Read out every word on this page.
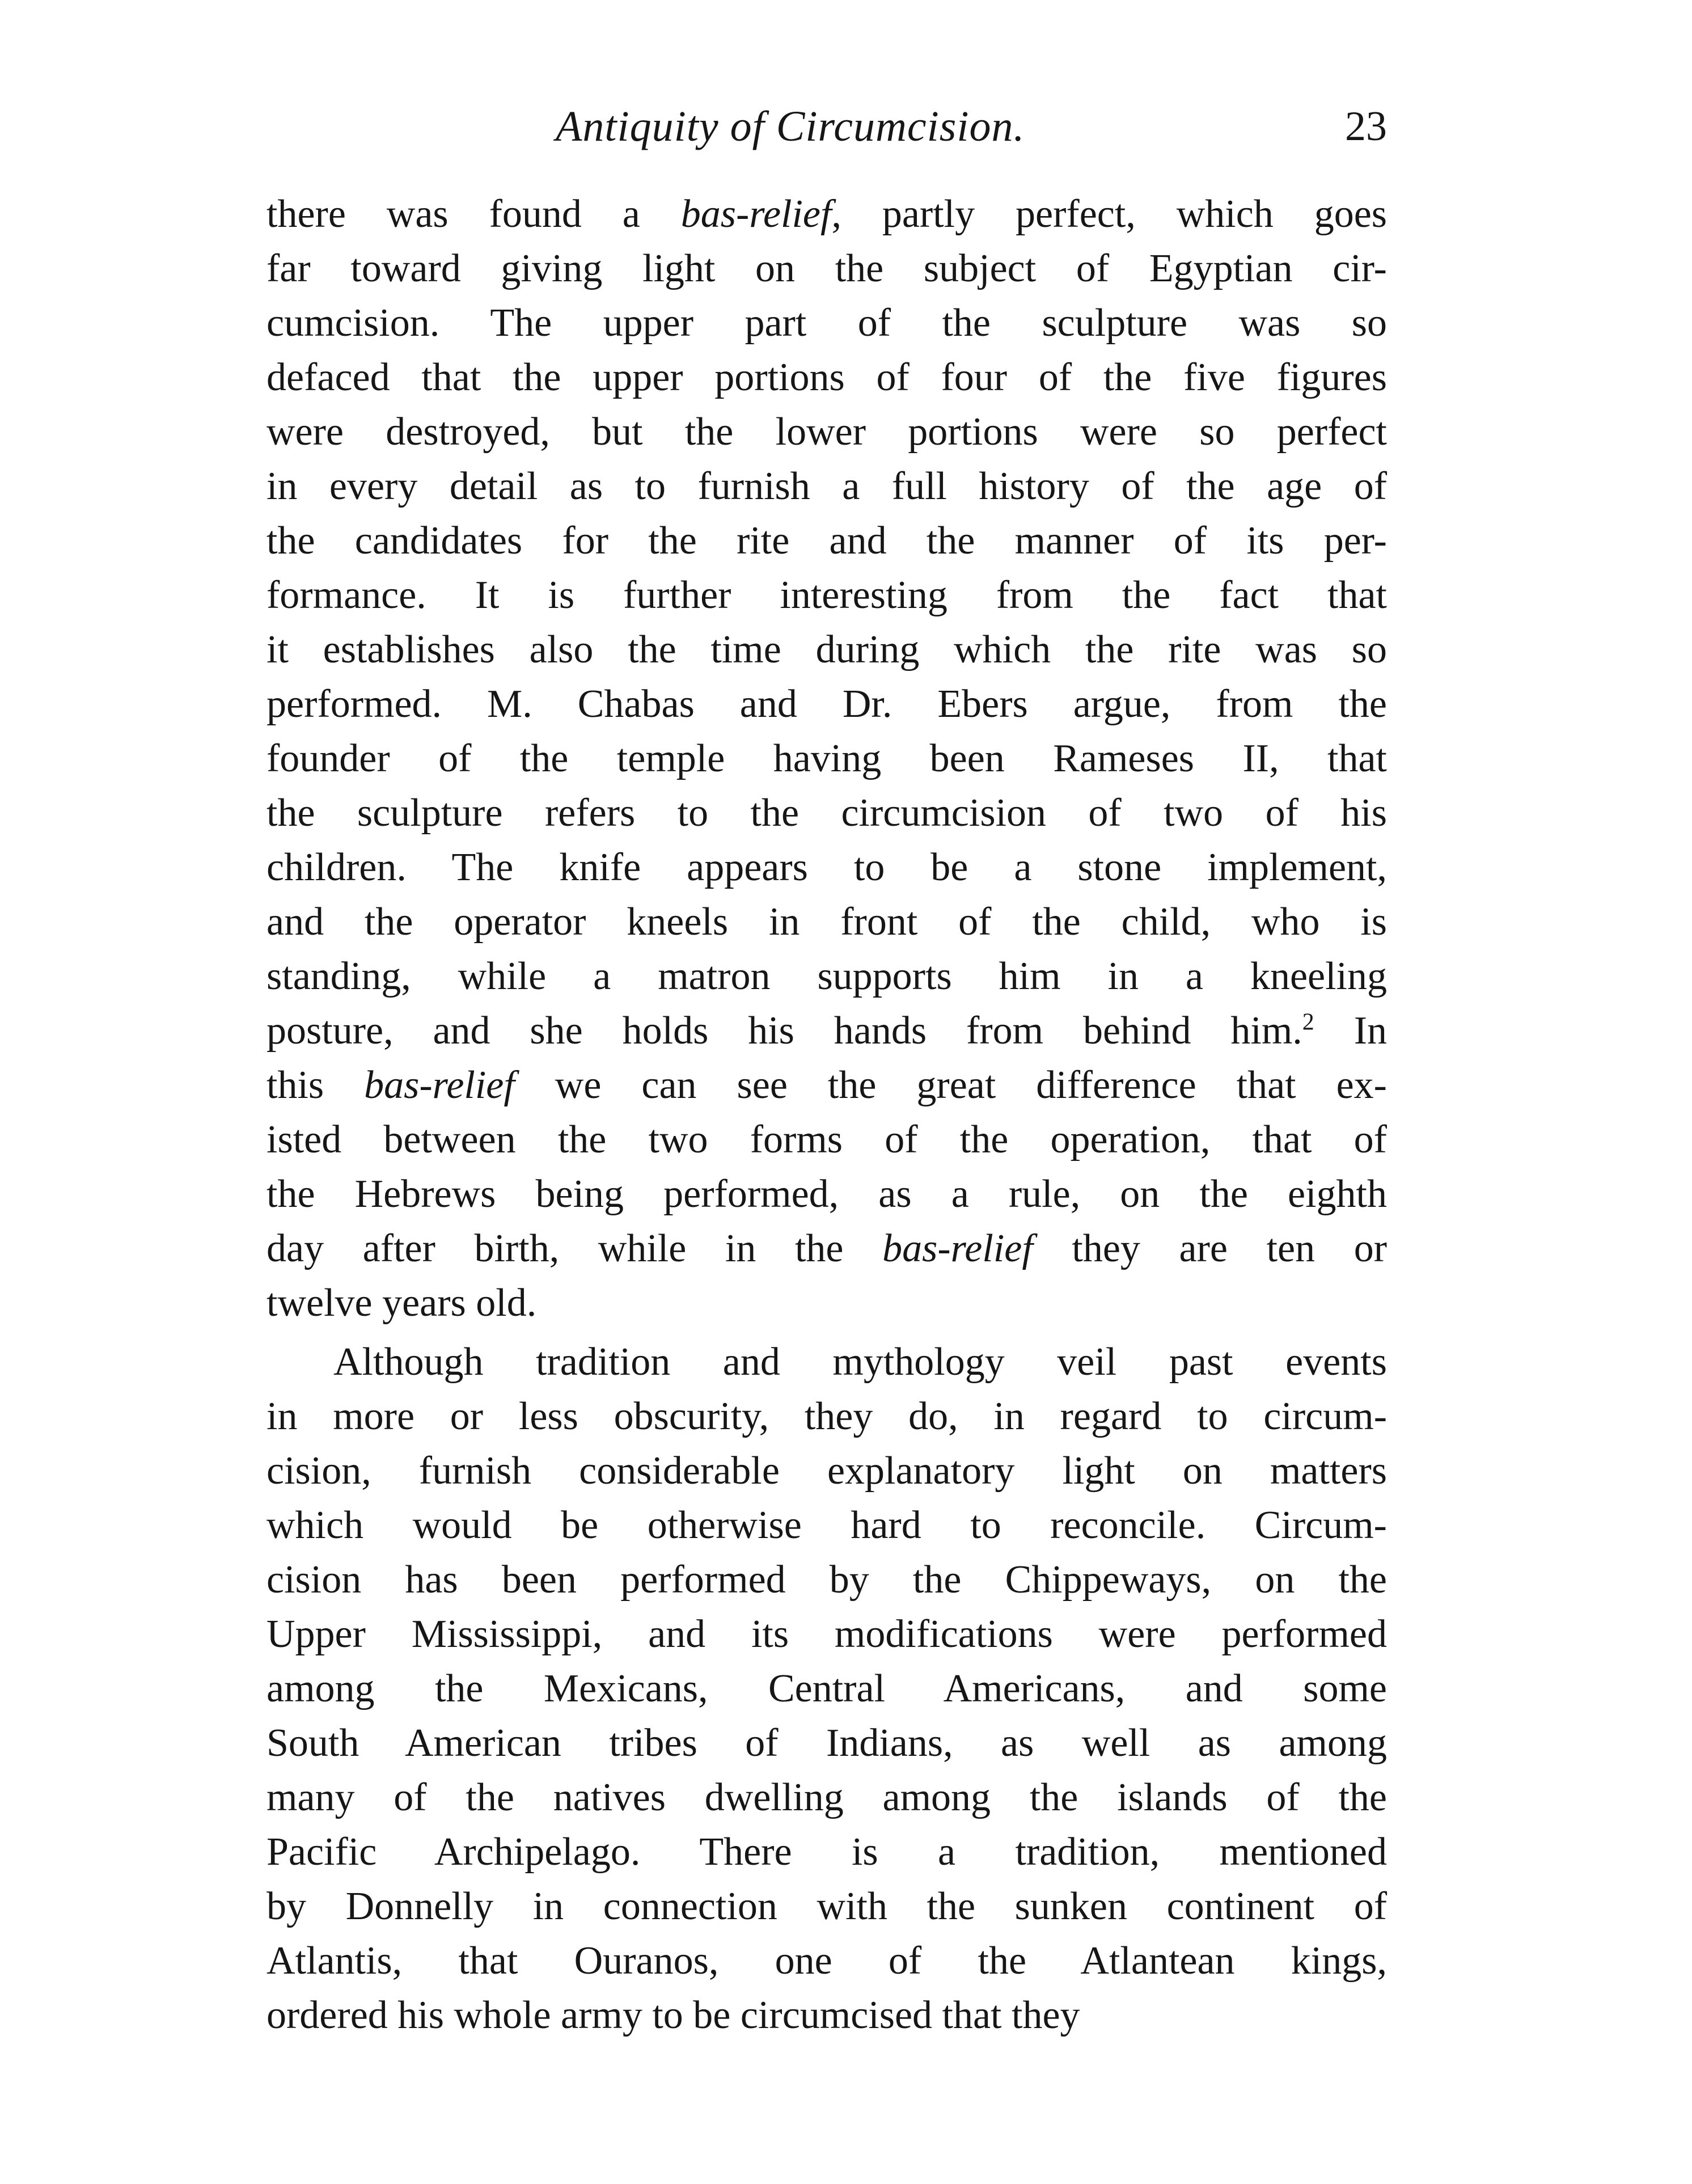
Antiquity of Circumcision.	23
there was found a bas-relief, partly perfect, which goes
far toward giving light on the subject of Egyptian cir-
cumcision. The upper part of the sculpture was so
defaced that the upper portions of four of the five figures
were destroyed, but the lower portions were so perfect
in every detail as to furnish a full history of the age of
the candidates for the rite and the manner of its per-
formance. It is further interesting from the fact that
it establishes also the time during which the rite was so
performed. M. Chabas and Dr. Ebers argue, from the
founder of the temple having been Rameses II, that
the sculpture refers to the circumcision of two of his
children. The knife appears to be a stone implement,
and the operator kneels in front of the child, who is
standing, while a matron supports him in a kneeling
posture, and she holds his hands from behind him.$^2$ In
this bas-relief we can see the great difference that ex-
isted between the two forms of the operation, that of
the Hebrews being performed, as a rule, on the eighth
day after birth, while in the bas-relief they are ten or
twelve years old.
Although tradition and mythology veil past events
in more or less obscurity, they do, in regard to circum-
cision, furnish considerable explanatory light on matters
which would be otherwise hard to reconcile. Circum-
cision has been performed by the Chippeways, on the
Upper Mississippi, and its modifications were performed
among the Mexicans, Central Americans, and some
South American tribes of Indians, as well as among
many of the natives dwelling among the islands of the
Pacific Archipelago. There is a tradition, mentioned
by Donnelly in connection with the sunken continent of
Atlantis, that Ouranos, one of the Atlantean kings,
ordered his whole army to be circumcised that they
